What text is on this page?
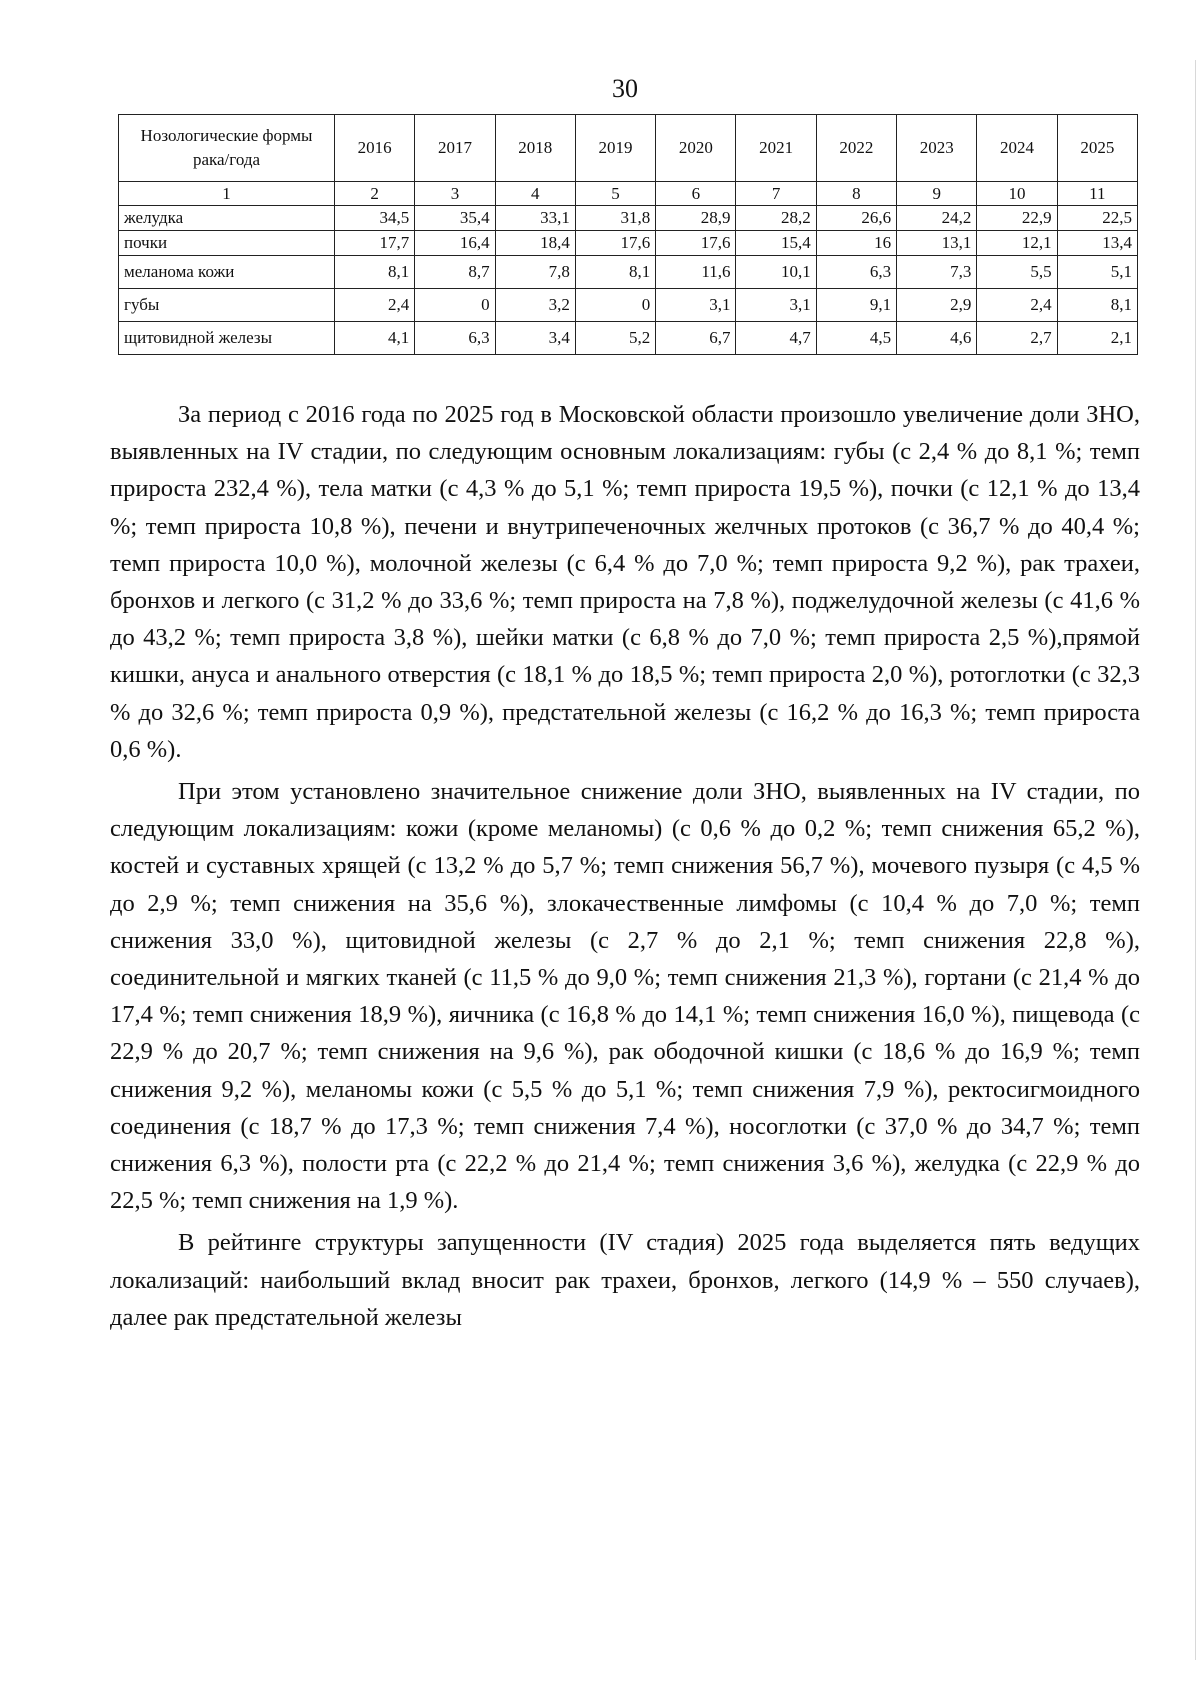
30
Нозологические формы рака/года	2016	2017	2018	2019	2020	2021	2022	2023	2024	2025
1	2	3	4	5	6	7	8	9	10	11
желудка	34,5	35,4	33,1	31,8	28,9	28,2	26,6	24,2	22,9	22,5
почки	17,7	16,4	18,4	17,6	17,6	15,4	16	13,1	12,1	13,4
меланома кожи	8,1	8,7	7,8	8,1	11,6	10,1	6,3	7,3	5,5	5,1
губы	2,4	0	3,2	0	3,1	3,1	9,1	2,9	2,4	8,1
щитовидной железы	4,1	6,3	3,4	5,2	6,7	4,7	4,5	4,6	2,7	2,1

За период с 2016 года по 2025 год в Московской области произошло увеличение доли ЗНО, выявленных на IV стадии, по следующим основным локализациям: губы (с 2,4 % до 8,1 %; темп прироста 232,4 %), тела матки (с 4,3 % до 5,1 %; темп прироста 19,5 %), почки (с 12,1 % до 13,4 %; темп прироста 10,8 %), печени и внутрипеченочных желчных протоков (с 36,7 % до 40,4 %; темп прироста 10,0 %), молочной железы (с 6,4 % до 7,0 %; темп прироста 9,2 %), рак трахеи, бронхов и легкого (с 31,2 % до 33,6 %; темп прироста на 7,8 %), поджелудочной железы (с 41,6 % до 43,2 %; темп прироста 3,8 %), шейки матки (с 6,8 % до 7,0 %; темп прироста 2,5 %),прямой кишки, ануса и анального отверстия (с 18,1 % до 18,5 %; темп прироста 2,0 %), ротоглотки (с 32,3 % до 32,6 %; темп прироста 0,9 %), предстательной железы (с 16,2 % до 16,3 %; темп прироста 0,6 %).

При этом установлено значительное снижение доли ЗНО, выявленных на IV стадии, по следующим локализациям: кожи (кроме меланомы) (с 0,6 % до 0,2 %; темп снижения 65,2 %), костей и суставных хрящей (с 13,2 % до 5,7 %; темп снижения 56,7 %), мочевого пузыря (с 4,5 % до 2,9 %; темп снижения на 35,6 %), злокачественные лимфомы (с 10,4 % до 7,0 %; темп снижения 33,0 %), щитовидной железы (с 2,7 % до 2,1 %; темп снижения 22,8 %), соединительной и мягких тканей (с 11,5 % до 9,0 %; темп снижения 21,3 %), гортани (с 21,4 % до 17,4 %; темп снижения 18,9 %), яичника (с 16,8 % до 14,1 %; темп снижения 16,0 %), пищевода (с 22,9 % до 20,7 %; темп снижения на 9,6 %), рак ободочной кишки (с 18,6 % до 16,9 %; темп снижения 9,2 %), меланомы кожи (с 5,5 % до 5,1 %; темп снижения 7,9 %), ректосигмоидного соединения (с 18,7 % до 17,3 %; темп снижения 7,4 %), носоглотки (с 37,0 % до 34,7 %; темп снижения 6,3 %), полости рта (с 22,2 % до 21,4 %; темп снижения 3,6 %), желудка (с 22,9 % до 22,5 %; темп снижения на 1,9 %).

В рейтинге структуры запущенности (IV стадия) 2025 года выделяется пять ведущих локализаций: наибольший вклад вносит рак трахеи, бронхов, легкого (14,9 % – 550 случаев), далее рак предстательной железы
